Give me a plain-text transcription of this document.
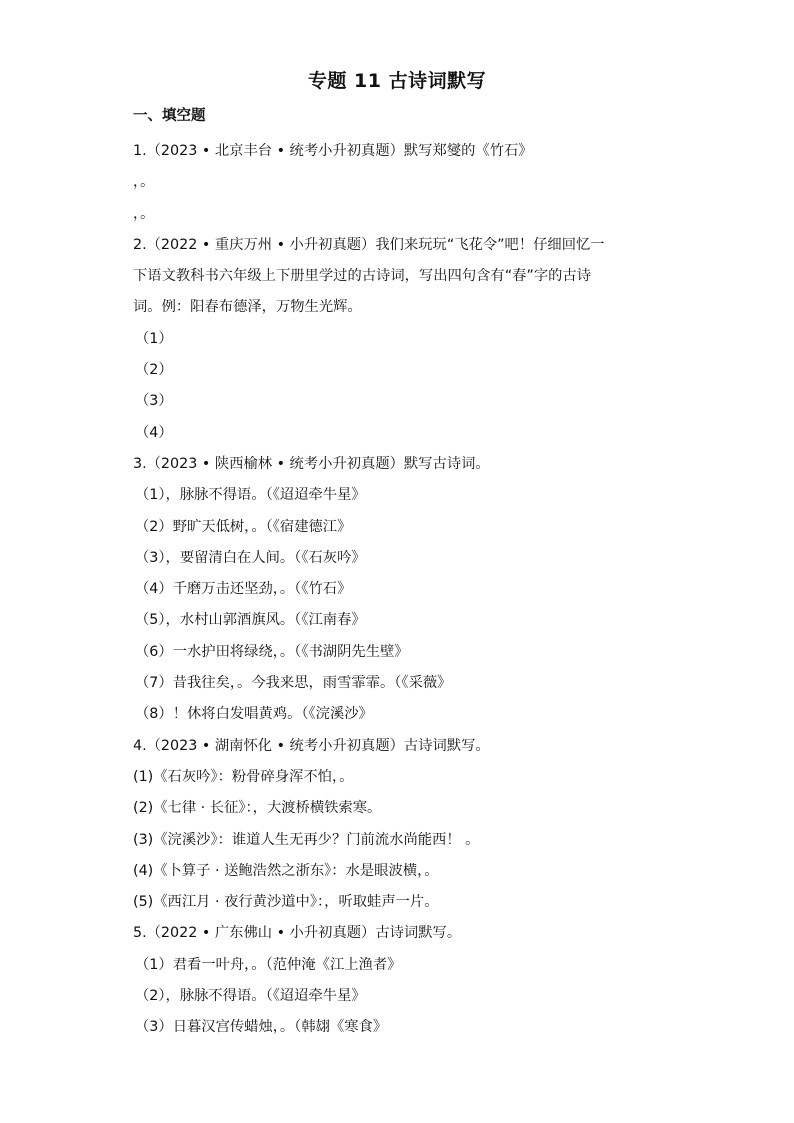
专题 11 古诗词默写
一、填空题
1.（2023 • 北京丰台 • 统考小升初真题）默写郑燮的《竹石》
，。
，。
2.（2022 • 重庆万州 • 小升初真题）我们来玩玩“飞花令”吧！仔细回忆一
下语文教科书六年级上下册里学过的古诗词，写出四句含有“春”字的古诗
词。例：阳春布德泽，万物生光辉。
（1）
（2）
（3）
（4）
3.（2023 • 陕西榆林 • 统考小升初真题）默写古诗词。
（1），脉脉不得语。（《迢迢牵牛星》
（2）野旷天低树，。（《宿建德江》
（3），要留清白在人间。（《石灰吟》
（4）千磨万击还坚劲，。（《竹石》
（5），水村山郭酒旗风。（《江南春》
（6）一水护田将绿绕，。（《书湖阴先生壁》
（7）昔我往矣，。今我来思，雨雪霏霏。（《采薇》
（8）！休将白发唱黄鸡。（《浣溪沙》
4.（2023 • 湖南怀化 • 统考小升初真题）古诗词默写。
(1)《石灰吟》：粉骨碎身浑不怕，。
(2)《七律 · 长征》：，大渡桥横铁索寒。
(3)《浣溪沙》：谁道人生无再少？门前流水尚能西！ 。
(4)《卜算子 · 送鲍浩然之浙东》：水是眼波横，。
(5)《西江月 · 夜行黄沙道中》：，听取蛙声一片。
5.（2022 • 广东佛山 • 小升初真题）古诗词默写。
（1）君看一叶舟，。（范仲淹《江上渔者》
（2），脉脉不得语。（《迢迢牵牛星》
（3）日暮汉宫传蜡烛，。（韩翃《寒食》
